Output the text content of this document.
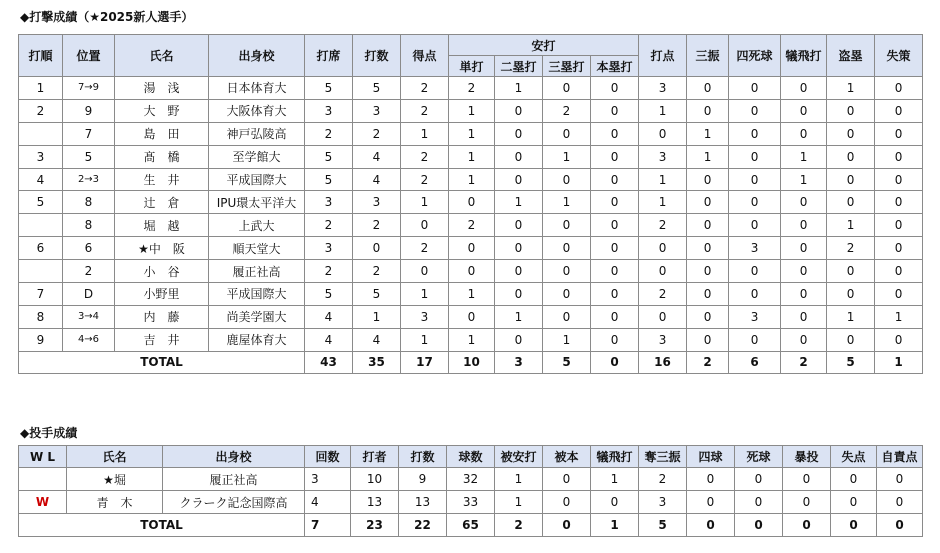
◆打撃成績（★2025新人選手）
打順	位置	氏名	出身校	打席	打数	得点	安打				打点	三振	四死球	犠飛打	盗塁	失策
							単打	二塁打	三塁打	本塁打						
1	7→9	湯　浅	日本体育大	5	5	2	2	1	0	0	3	0	0	0	1	0
2	9	大　野	大阪体育大	3	3	2	1	0	2	0	1	0	0	0	0	0
	7	島　田	神戸弘陵高	2	2	1	1	0	0	0	0	1	0	0	0	0
3	5	髙　橋	至学館大	5	4	2	1	0	1	0	3	1	0	1	0	0
4	2→3	生　井	平成国際大	5	4	2	1	0	0	0	1	0	0	1	0	0
5	8	辻　倉	IPU環太平洋大	3	3	1	0	1	1	0	1	0	0	0	0	0
	8	堀　越	上武大	2	2	0	2	0	0	0	2	0	0	0	1	0
6	6	★中　阪	順天堂大	3	0	2	0	0	0	0	0	0	3	0	2	0
	2	小　谷	履正社高	2	2	0	0	0	0	0	0	0	0	0	0	0
7	D	小野里	平成国際大	5	5	1	1	0	0	0	2	0	0	0	0	0
8	3→4	内　藤	尚美学園大	4	1	3	0	1	0	0	0	0	3	0	1	1
9	4→6	吉　井	鹿屋体育大	4	4	1	1	0	1	0	3	0	0	0	0	0
TOTAL				43	35	17	10	3	5	0	16	2	6	2	5	1
◆投手成績
W L	氏名	出身校	回数	打者	打数	球数	被安打	被本	犠飛打	奪三振	四球	死球	暴投	失点	自責点
	★堀	履正社高	3	10	9	32	1	0	1	2	0	0	0	0	0
W	青　木	クラーク記念国際高	4	13	13	33	1	0	0	3	0	0	0	0	0
TOTAL			7	23	22	65	2	0	1	5	0	0	0	0	0
